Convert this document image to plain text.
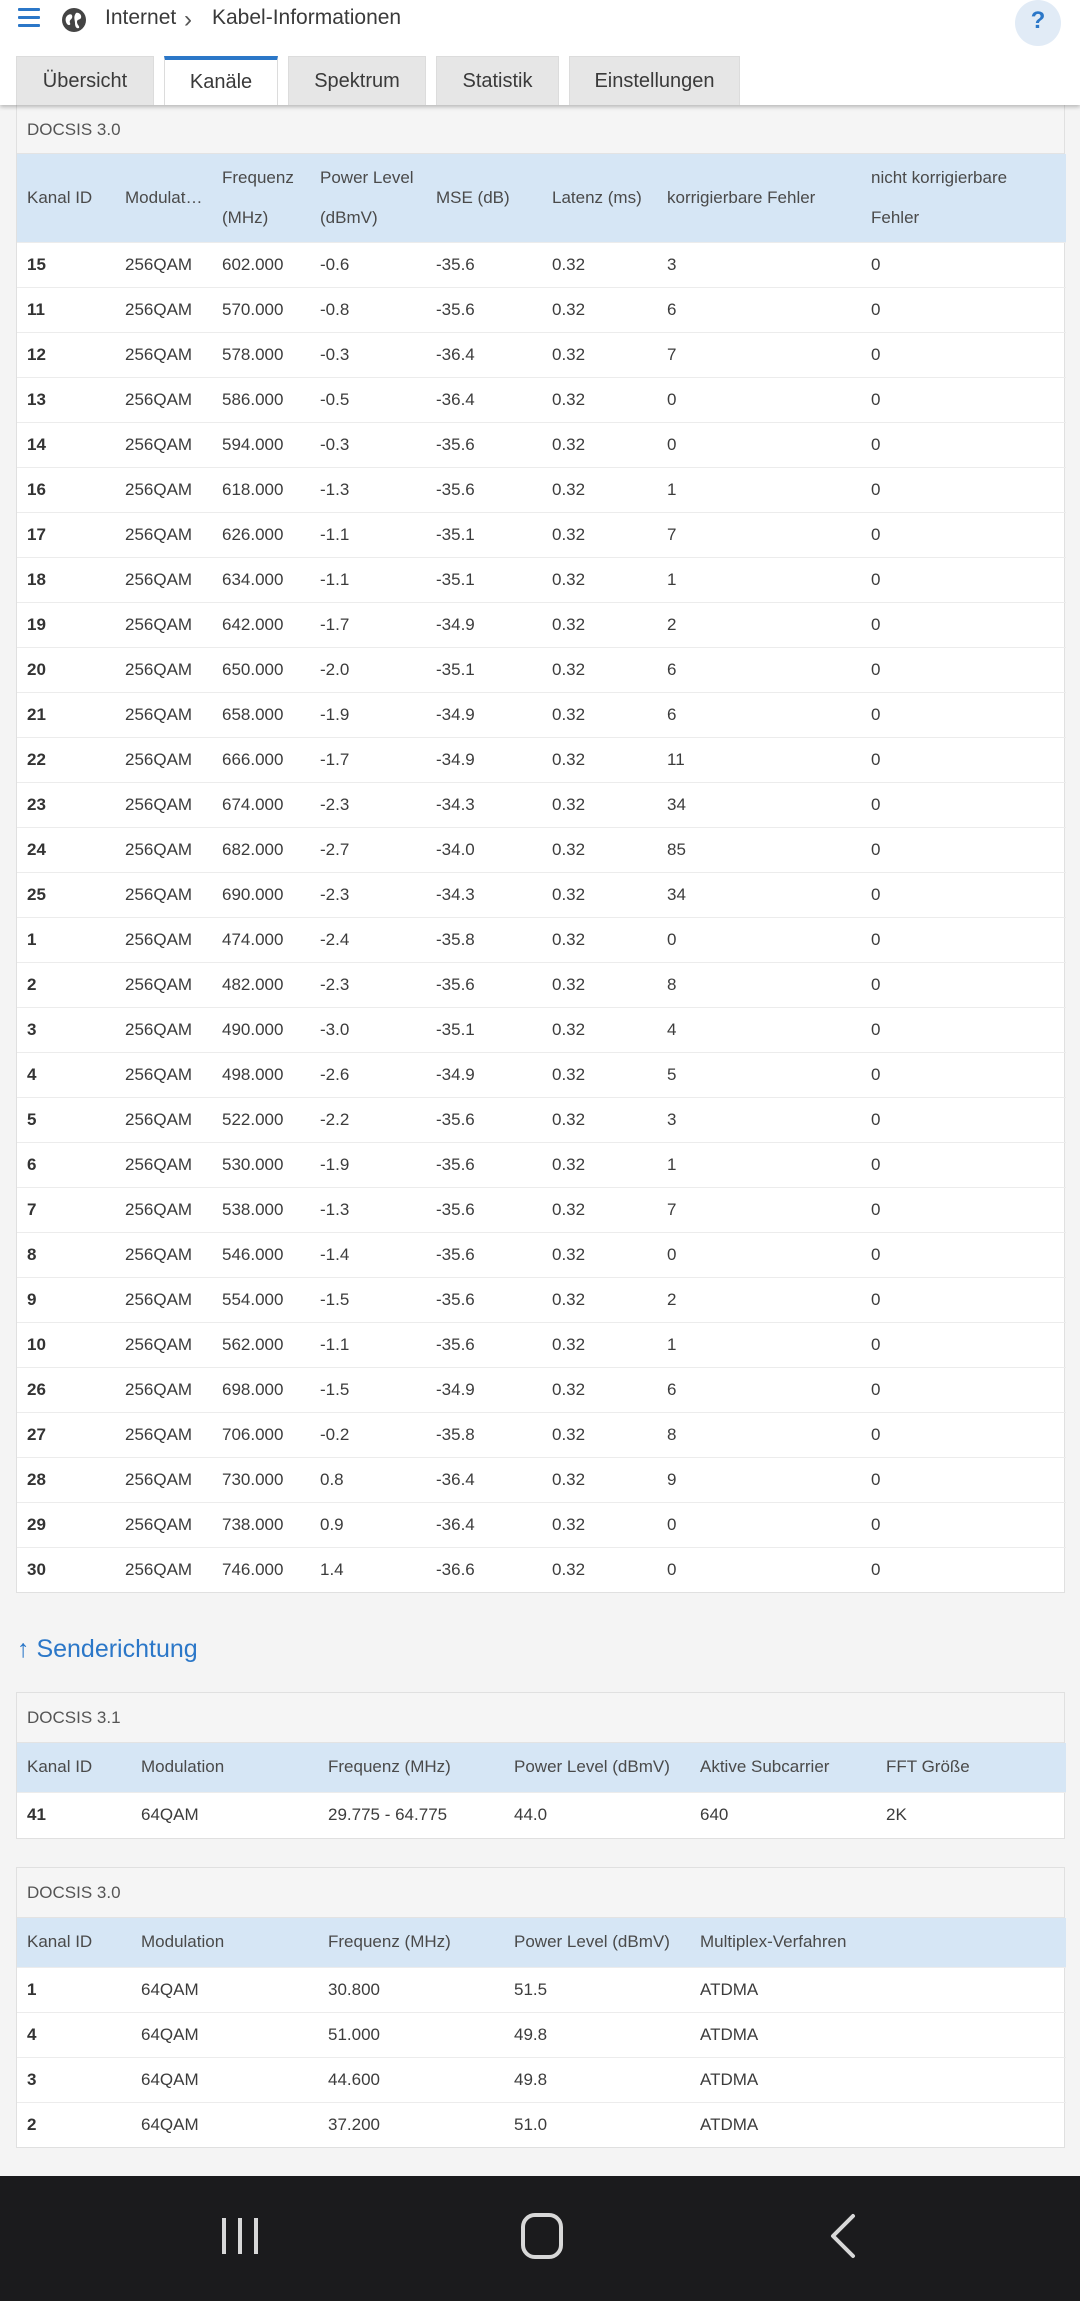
Internet › Kabel-Informationen	?
Übersicht	Kanäle	Spektrum	Statistik	Einstellungen
DOCSIS 3.0
Kanal ID	Modulat…	Frequenz (MHz)	Power Level (dBmV)	MSE (dB)	Latenz (ms)	korrigierbare Fehler	nicht korrigierbare Fehler
15	256QAM	602.000	-0.6	-35.6	0.32	3	0
11	256QAM	570.000	-0.8	-35.6	0.32	6	0
12	256QAM	578.000	-0.3	-36.4	0.32	7	0
13	256QAM	586.000	-0.5	-36.4	0.32	0	0
14	256QAM	594.000	-0.3	-35.6	0.32	0	0
16	256QAM	618.000	-1.3	-35.6	0.32	1	0
17	256QAM	626.000	-1.1	-35.1	0.32	7	0
18	256QAM	634.000	-1.1	-35.1	0.32	1	0
19	256QAM	642.000	-1.7	-34.9	0.32	2	0
20	256QAM	650.000	-2.0	-35.1	0.32	6	0
21	256QAM	658.000	-1.9	-34.9	0.32	6	0
22	256QAM	666.000	-1.7	-34.9	0.32	11	0
23	256QAM	674.000	-2.3	-34.3	0.32	34	0
24	256QAM	682.000	-2.7	-34.0	0.32	85	0
25	256QAM	690.000	-2.3	-34.3	0.32	34	0
1	256QAM	474.000	-2.4	-35.8	0.32	0	0
2	256QAM	482.000	-2.3	-35.6	0.32	8	0
3	256QAM	490.000	-3.0	-35.1	0.32	4	0
4	256QAM	498.000	-2.6	-34.9	0.32	5	0
5	256QAM	522.000	-2.2	-35.6	0.32	3	0
6	256QAM	530.000	-1.9	-35.6	0.32	1	0
7	256QAM	538.000	-1.3	-35.6	0.32	7	0
8	256QAM	546.000	-1.4	-35.6	0.32	0	0
9	256QAM	554.000	-1.5	-35.6	0.32	2	0
10	256QAM	562.000	-1.1	-35.6	0.32	1	0
26	256QAM	698.000	-1.5	-34.9	0.32	6	0
27	256QAM	706.000	-0.2	-35.8	0.32	8	0
28	256QAM	730.000	0.8	-36.4	0.32	9	0
29	256QAM	738.000	0.9	-36.4	0.32	0	0
30	256QAM	746.000	1.4	-36.6	0.32	0	0
↑ Senderichtung
DOCSIS 3.1
Kanal ID	Modulation	Frequenz (MHz)	Power Level (dBmV)	Aktive Subcarrier	FFT Größe
41	64QAM	29.775 - 64.775	44.0	640	2K
DOCSIS 3.0
Kanal ID	Modulation	Frequenz (MHz)	Power Level (dBmV)	Multiplex-Verfahren
1	64QAM	30.800	51.5	ATDMA
4	64QAM	51.000	49.8	ATDMA
3	64QAM	44.600	49.8	ATDMA
2	64QAM	37.200	51.0	ATDMA
